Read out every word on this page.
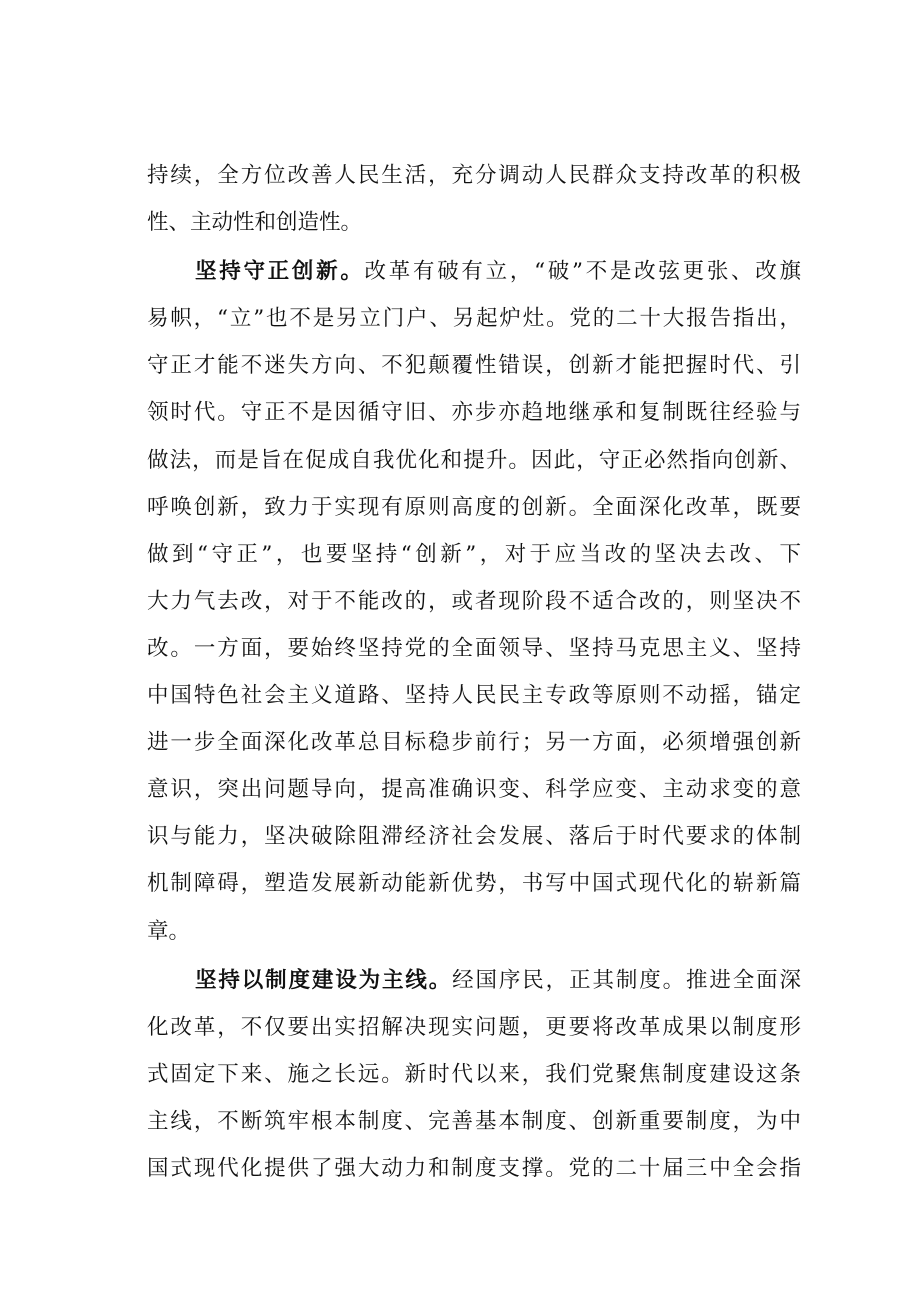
持续，全方位改善人民生活，充分调动人民群众支持改革的积极
性、主动性和创造性。
坚持守正创新。改革有破有立，“破”不是改弦更张、改旗
易帜，“立”也不是另立门户、另起炉灶。党的二十大报告指出，
守正才能不迷失方向、不犯颠覆性错误，创新才能把握时代、引
领时代。守正不是因循守旧、亦步亦趋地继承和复制既往经验与
做法，而是旨在促成自我优化和提升。因此，守正必然指向创新、
呼唤创新，致力于实现有原则高度的创新。全面深化改革，既要
做到“守正”，也要坚持“创新”，对于应当改的坚决去改、下
大力气去改，对于不能改的，或者现阶段不适合改的，则坚决不
改。一方面，要始终坚持党的全面领导、坚持马克思主义、坚持
中国特色社会主义道路、坚持人民民主专政等原则不动摇，锚定
进一步全面深化改革总目标稳步前行；另一方面，必须增强创新
意识，突出问题导向，提高准确识变、科学应变、主动求变的意
识与能力，坚决破除阻滞经济社会发展、落后于时代要求的体制
机制障碍，塑造发展新动能新优势，书写中国式现代化的崭新篇
章。
坚持以制度建设为主线。经国序民，正其制度。推进全面深
化改革，不仅要出实招解决现实问题，更要将改革成果以制度形
式固定下来、施之长远。新时代以来，我们党聚焦制度建设这条
主线，不断筑牢根本制度、完善基本制度、创新重要制度，为中
国式现代化提供了强大动力和制度支撑。党的二十届三中全会指
